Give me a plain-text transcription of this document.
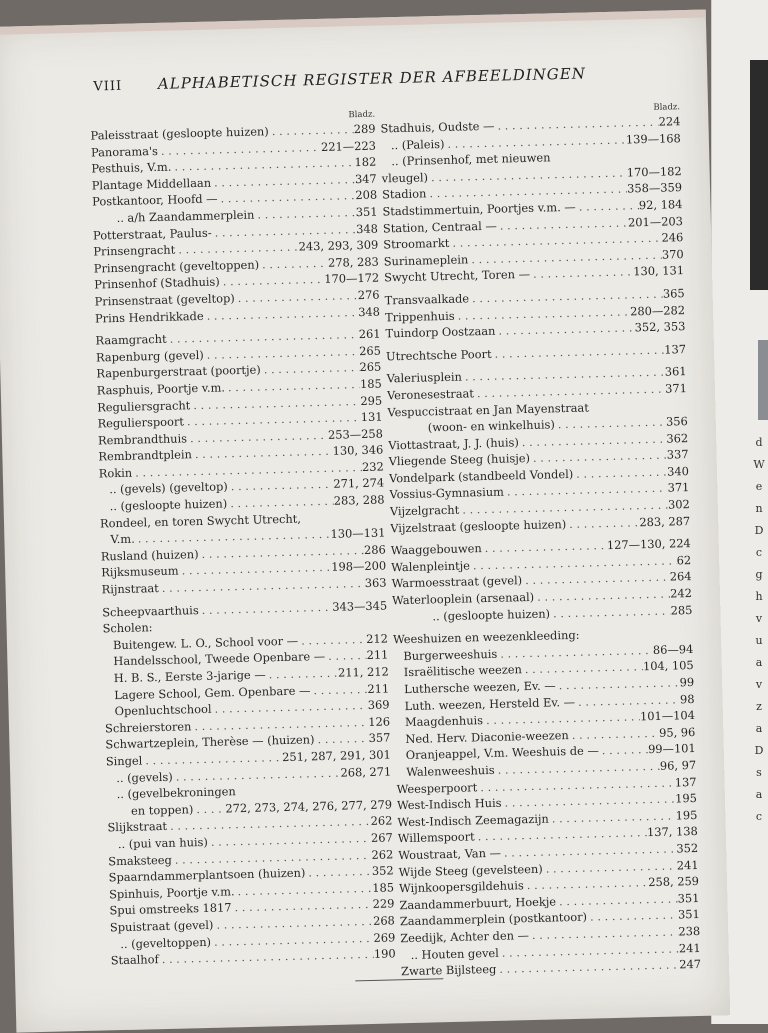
d
W
e
n
D
c
g
h
v
u
a
v
z
a
D
s
a
c
VIII ALPHABETISCH REGISTER DER AFBEELDINGEN
Bladz.
Paleisstraat (gesloopte huizen) . . .	289
Panorama's . . .	221—223
Pesthuis, V.m. . . .	182
Plantage Middellaan . . .	347
Postkantoor, Hoofd — . . .	208
.. a/h Zaandammerplein . . .	351
Potterstraat, Paulus- . . .	348
Prinsengracht . . .	243, 293, 309
Prinsengracht (geveltoppen) . . .	278, 283
Prinsenhof (Stadhuis) . . .	170—172
Prinsenstraat (geveltop) . . .	276
Prins Hendrikkade . . .	348
Raamgracht . . .	261
Rapenburg (gevel) . . .	265
Rapenburgerstraat (poortje) . . .	265
Rasphuis, Poortje v.m. . . .	185
Reguliersgracht . . .	295
Regulierspoort . . .	131
Rembrandthuis . . .	253—258
Rembrandtplein . . .	130, 346
Rokin . . .	232
.. (gevels) (geveltop) . . .	271, 274
.. (gesloopte huizen) . . .	283, 288
Rondeel, en toren Swycht Utrecht,
V.m. . . .	130—131
Rusland (huizen) . . .	286
Rijksmuseum . . .	198—200
Rijnstraat . . .	363
Scheepvaarthuis . . .	343—345
Scholen:
Buitengew. L. O., School voor — . . .	212
Handelsschool, Tweede Openbare — . . .	211
H. B. S., Eerste 3-jarige — . . .	211, 212
Lagere School, Gem. Openbare — . . .	211
Openluchtschool . . .	369
Schreierstoren . . .	126
Schwartzeplein, Therèse — (huizen) . . .	357
Singel . . .	251, 287, 291, 301
.. (gevels) . . .	268, 271
.. (gevelbekroningen
en toppen) . . .	272, 273, 274, 276, 277, 279
Slijkstraat . . .	262
.. (pui van huis) . . .	267
Smaksteeg . . .	262
Spaarndammerplantsoen (huizen) . . .	352
Spinhuis, Poortje v.m. . . .	185
Spui omstreeks 1817 . . .	229
Spuistraat (gevel) . . .	268
.. (geveltoppen) . . .	269
Staalhof . . .	190
Bladz.
Stadhuis, Oudste — . . .	224
.. (Paleis) . . .	139—168
.. (Prinsenhof, met nieuwen
vleugel) . . .	170—182
Stadion . . .	358—359
Stadstimmertuin, Poortjes v.m. — . . .	92, 184
Station, Centraal — . . .	201—203
Stroomarkt . . .	246
Surinameplein . . .	370
Swycht Utrecht, Toren — . . .	130, 131
Transvaalkade . . .	365
Trippenhuis . . .	280—282
Tuindorp Oostzaan . . .	352, 353
Utrechtsche Poort . . .	137
Valeriusplein . . .	361
Veronesestraat . . .	371
Vespuccistraat en Jan Mayenstraat
(woon- en winkelhuis) . . .	356
Viottastraat, J. J. (huis) . . .	362
Vliegende Steeg (huisje) . . .	337
Vondelpark (standbeeld Vondel) . . .	340
Vossius-Gymnasium . . .	371
Vijzelgracht . . .	302
Vijzelstraat (gesloopte huizen) . . .	283, 287
Waaggebouwen . . .	127—130, 224
Walenpleintje . . .	62
Warmoesstraat (gevel) . . .	264
Waterlooplein (arsenaal) . . .	242
.. (gesloopte huizen) . . .	285
Weeshuizen en weezenkleeding:
Burgerweeshuis . . .	86—94
Israëlitische weezen . . .	104, 105
Luthersche weezen, Ev. — . . .	99
Luth. weezen, Hersteld Ev. — . . .	98
Maagdenhuis . . .	101—104
Ned. Herv. Diaconie-weezen . . .	95, 96
Oranjeappel, V.m. Weeshuis de — . . .	99—101
Walenweeshuis . . .	96, 97
Weesperpoort . . .	137
West-Indisch Huis . . .	195
West-Indisch Zeemagazijn . . .	195
Willemspoort . . .	137, 138
Woustraat, Van — . . .	352
Wijde Steeg (gevelsteen) . . .	241
Wijnkoopersgildehuis . . .	258, 259
Zaandammerbuurt, Hoekje . . .	351
Zaandammerplein (postkantoor) . . .	351
Zeedijk, Achter den — . . .	238
.. Houten gevel . . .	241
Zwarte Bijlsteeg . . .	247
